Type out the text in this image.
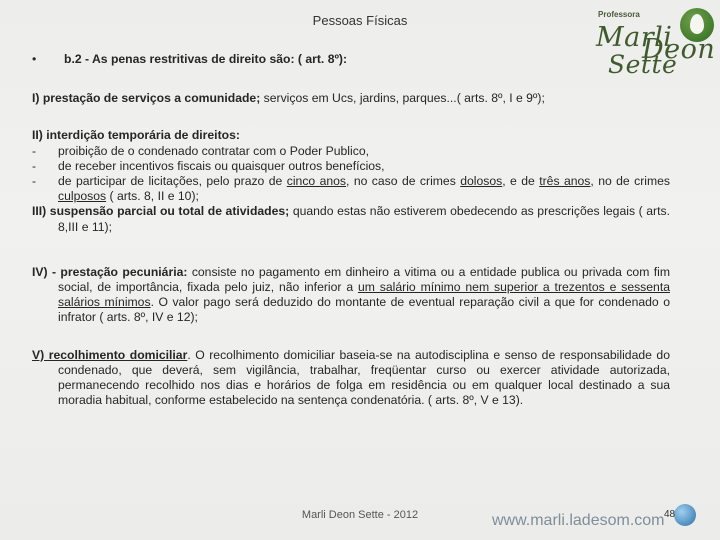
Pessoas Físicas	Professora
Marli
Deon
Sette
•	b.2 - As penas restritivas de direito são: ( art. 8º):

I) prestação de serviços a comunidade; serviços em Ucs, jardins, parques...( arts. 8º, I e 9º);

II) interdição temporária de direitos:

-	proibição de o condenado contratar com o Poder Publico,
-	de receber incentivos fiscais ou quaisquer outros benefícios,
-	de participar de licitações, pelo prazo de cinco anos, no caso de crimes dolosos, e de três anos, no de crimes culposos ( arts. 8, II e 10);

III) suspensão parcial ou total de atividades; quando estas não estiverem obedecendo as prescrições legais ( arts. 8,III e 11);

IV) - prestação pecuniária: consiste no pagamento em dinheiro a vitima ou a entidade publica ou privada com fim social, de importância, fixada pelo juiz, não inferior a um salário mínimo nem superior a trezentos e sessenta salários mínimos. O valor pago será deduzido do montante de eventual reparação civil a que for condenado o infrator ( arts. 8º, IV e 12);

V) recolhimento domiciliar. O recolhimento domiciliar baseia-se na autodisciplina e senso de responsabilidade do condenado, que deverá, sem vigilância, trabalhar, freqüentar curso ou exercer atividade autorizada, permanecendo recolhido nos dias e horários de folga em residência ou em qualquer local destinado a sua moradia habitual, conforme estabelecido na sentença condenatória. ( arts. 8º, V e 13).

Marli Deon Sette - 2012	www.marli.ladesom.com 48
